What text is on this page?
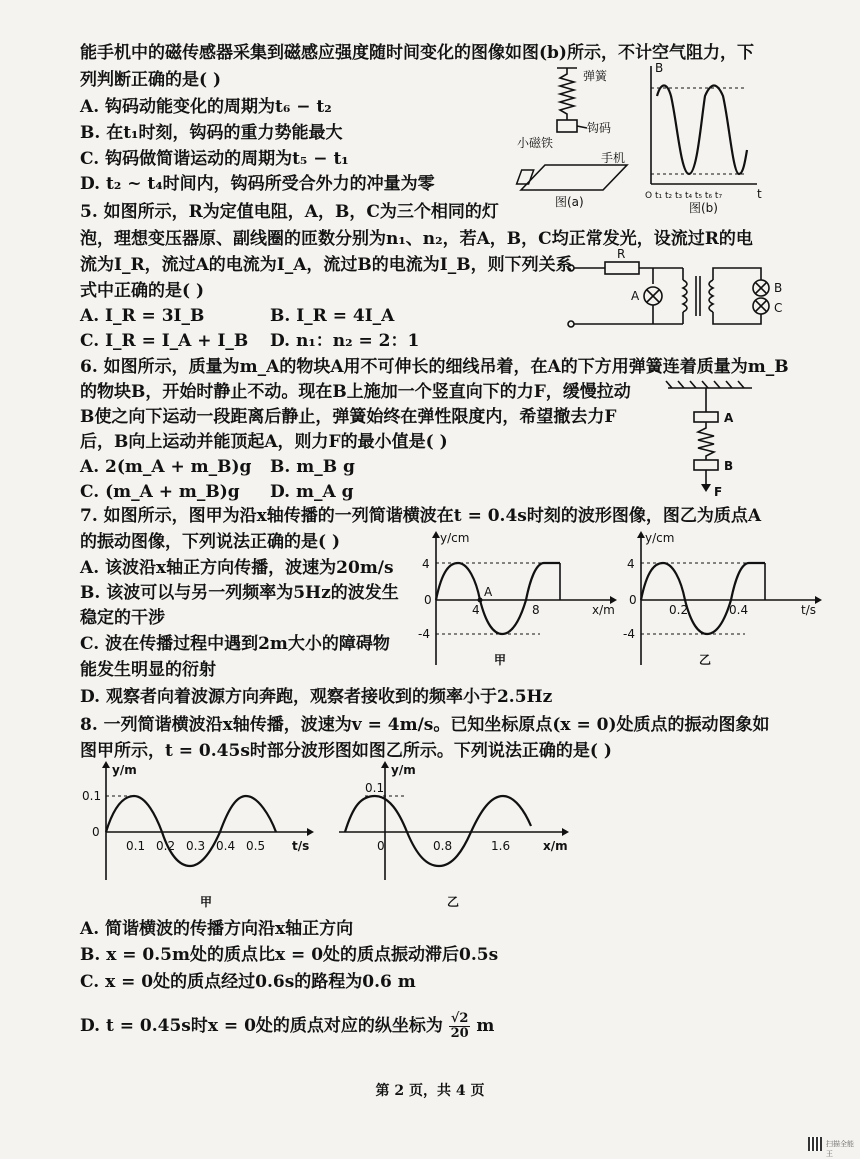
能手机中的磁传感器采集到磁感应强度随时间变化的图像如图(b)所示，不计空气阻力，下
列判断正确的是( )
A. 钩码动能变化的周期为t₆ − t₂
B. 在t₁时刻，钩码的重力势能最大
C. 钩码做简谐运动的周期为t₅ − t₁
D. t₂ ~ t₄时间内，钩码所受合外力的冲量为零
弹簧
钩码
小磁铁
手机
图(a)
B
t
O t₁ t₂ t₃ t₄ t₅ t₆ t₇
图(b)
5. 如图所示，R为定值电阻，A，B，C为三个相同的灯
泡，理想变压器原、副线圈的匝数分别为n₁、n₂，若A，B，C均正常发光，设流过R的电
流为I_R，流过A的电流为I_A，流过B的电流为I_B，则下列关系
式中正确的是( )
A. I_R = 3I_B	B. I_R = 4I_A
C. I_R = I_A + I_B D. n₁：n₂ = 2：1
R
A
B
C
6. 如图所示，质量为m_A的物块A用不可伸长的细线吊着，在A的下方用弹簧连着质量为m_B
的物块B，开始时静止不动。现在B上施加一个竖直向下的力F，缓慢拉动
B使之向下运动一段距离后静止，弹簧始终在弹性限度内，希望撤去力F
后，B向上运动并能顶起A，则力F的最小值是( )
A. 2(m_A + m_B)g B. m_B g
C. (m_A + m_B)g D. m_A g
A
B
F
7. 如图所示，图甲为沿x轴传播的一列简谐横波在t = 0.4s时刻的波形图像，图乙为质点A
的振动图像，下列说法正确的是( )
A. 该波沿x轴正方向传播，波速为20m/s
B. 该波可以与另一列频率为5Hz的波发生
稳定的干涉
C. 波在传播过程中遇到2m大小的障碍物
能发生明显的衍射
D. 观察者向着波源方向奔跑，观察者接收到的频率小于2.5Hz
y/cm
x/m
4
-4
0
4	8
A
甲
y/cm
t/s
4
-4
0
0.2	0.4
乙
8. 一列简谐横波沿x轴传播，波速为v = 4m/s。已知坐标原点(x = 0)处质点的振动图象如
图甲所示，t = 0.45s时部分波形图如图乙所示。下列说法正确的是( )
y/m
t/s
0.1
0
0.1 0.2 0.3 0.4 0.5
甲
y/m
x/m
0.1
0	0.8	1.6
乙
A. 简谐横波的传播方向沿x轴正方向
B. x = 0.5m处的质点比x = 0处的质点振动滞后0.5s
C. x = 0处的质点经过0.6s的路程为0.6 m
D. t = 0.45s时x = 0处的质点对应的纵坐标为 $\frac{√2}{20}$ m
第 2 页，共 4 页
扫描全能王
